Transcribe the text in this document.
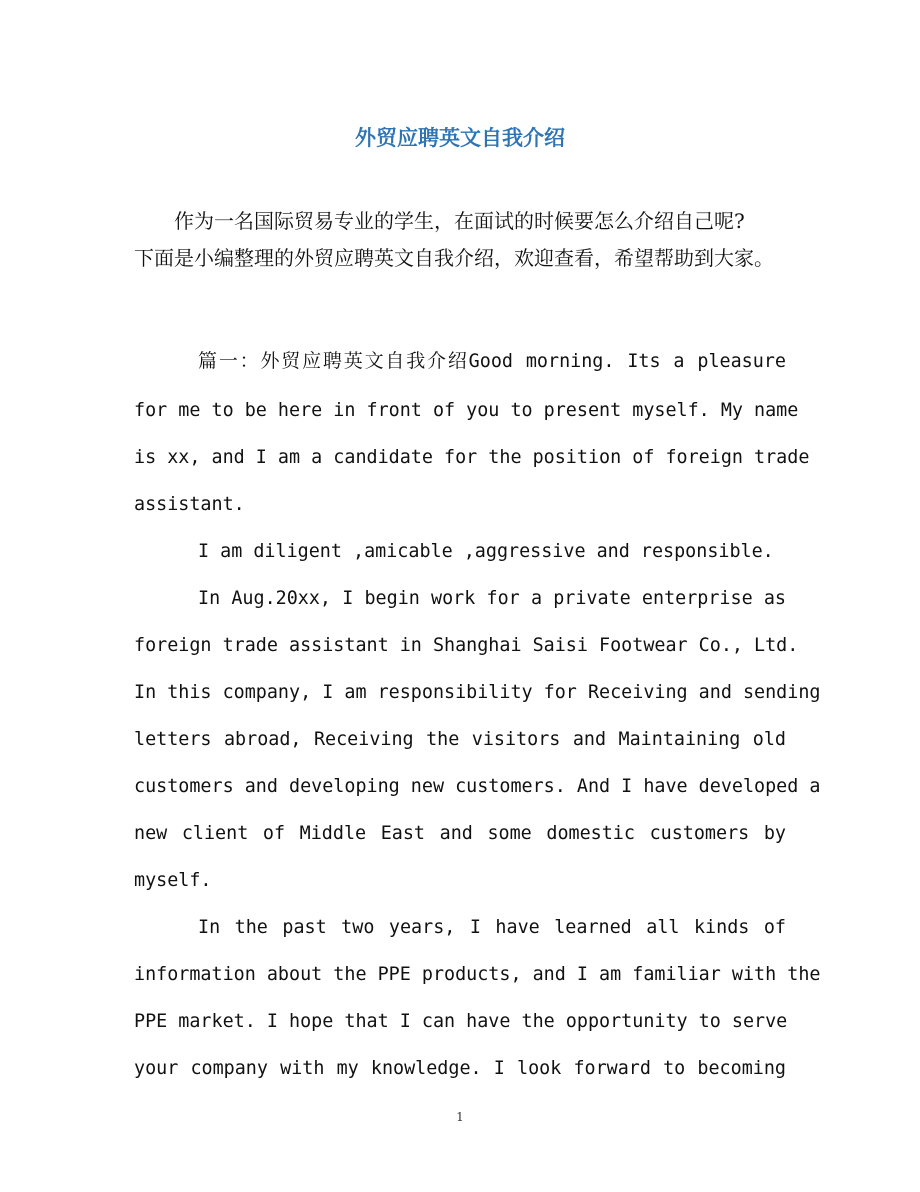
外贸应聘英文自我介绍
作为一名国际贸易专业的学生，在面试的时候要怎么介绍自己呢?
下面是小编整理的外贸应聘英文自我介绍，欢迎查看，希望帮助到大家。
篇一：外贸应聘英文自我介绍Good morning. Its a pleasure
for me to be here in front of you to present myself. My name
is xx, and I am a candidate for the position of foreign trade
assistant.
I am diligent ,amicable ,aggressive and responsible.
In Aug.20xx, I begin work for a private enterprise as
foreign trade assistant in Shanghai Saisi Footwear Co., Ltd.
In this company, I am responsibility for Receiving and sending
letters abroad, Receiving the visitors and Maintaining old
customers and developing new customers. And I have developed a
new client of Middle East and some domestic customers by
myself.
In the past two years, I have learned all kinds of
information about the PPE products, and I am familiar with the
PPE market. I hope that I can have the opportunity to serve
your company with my knowledge. I look forward to becoming
1
